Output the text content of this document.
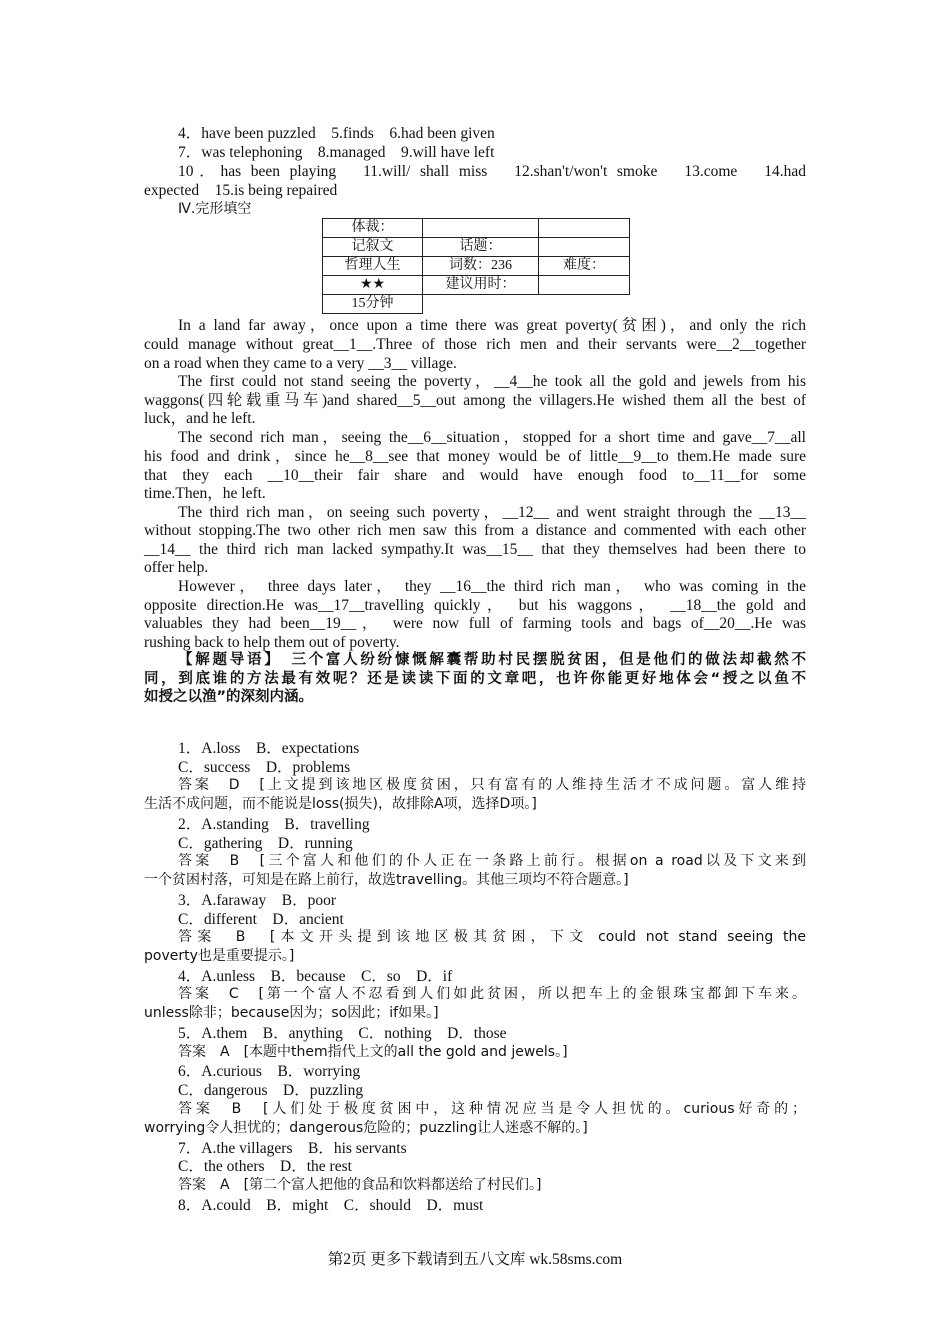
4．have been puzzled　5.finds　6.had been given
7．was telephoning　8.managed　9.will have left
10．has been playing　11.will/ shall miss　12.shan't/won't smoke　13.come　14.had
expected　15.is being repaired
Ⅳ.完形填空
体裁：		
记叙文	话题：	
哲理人生	词数：236	难度：
★★	建议用时：	
15分钟		
In a land far away，once upon a time there was great poverty(贫困)，and only the rich
could manage without great__1__.Three of those rich men and their servants were__2__together
on a road when they came to a very __3__ village.
The first could not stand seeing the poverty，__4__he took all the gold and jewels from his
waggons(四轮载重马车)and shared__5__out among the villagers.He wished them all the best of
luck，and he left.
The second rich man，seeing the__6__situation，stopped for a short time and gave__7__all
his food and drink，since he__8__see that money would be of little__9__to them.He made sure
that they each __10__their fair share and would have enough food to__11__for some
time.Then，he left.
The third rich man，on seeing such poverty，__12__ and went straight through the __13__
without stopping.The two other rich men saw this from a distance and commented with each other
__14__ the third rich man lacked sympathy.It was__15__ that they themselves had been there to
offer help.
However， three days later， they __16__the third rich man， who was coming in the
opposite direction.He was__17__travelling quickly， but his waggons， __18__the gold and
valuables they had been__19__， were now full of farming tools and bags of__20__.He was
rushing back to help them out of poverty.
【解题导语】　三个富人纷纷慷慨解囊帮助村民摆脱贫困，但是他们的做法却截然不
同，到底谁的方法最有效呢？还是读读下面的文章吧，也许你能更好地体会“授之以鱼不
如授之以渔”的深刻内涵。
1．A.loss　B．expectations
C．success　D．problems
答案　D　[上文提到该地区极度贫困，只有富有的人维持生活才不成问题。富人维持
生活不成问题，而不能说是loss(损失)，故排除A项，选择D项。]
2．A.standing　B．travelling
C．gathering　D．running
答案　B　[三个富人和他们的仆人正在一条路上前行。根据on a road以及下文来到
一个贫困村落，可知是在路上前行，故选travelling。其他三项均不符合题意。]
3．A.faraway　B．poor
C．different　D．ancient
答案　B　[本文开头提到该地区极其贫困，下文 could not stand seeing the
poverty也是重要提示。]
4．A.unless　B．because　C．so　D．if
答案　C　[第一个富人不忍看到人们如此贫困，所以把车上的金银珠宝都卸下车来。
unless除非；because因为；so因此；if如果。]
5．A.them　B．anything　C．nothing　D．those
答案　A　[本题中them指代上文的all the gold and jewels。]
6．A.curious　B．worrying
C．dangerous　D．puzzling
答案　B　[人们处于极度贫困中，这种情况应当是令人担忧的。curious好奇的；
worrying令人担忧的；dangerous危险的；puzzling让人迷惑不解的。]
7．A.the villagers　B．his servants
C．the others　D．the rest
答案　A　[第二个富人把他的食品和饮料都送给了村民们。]
8．A.could　B．might　C．should　D．must
第2页 更多下载请到五八文库 wk.58sms.com
